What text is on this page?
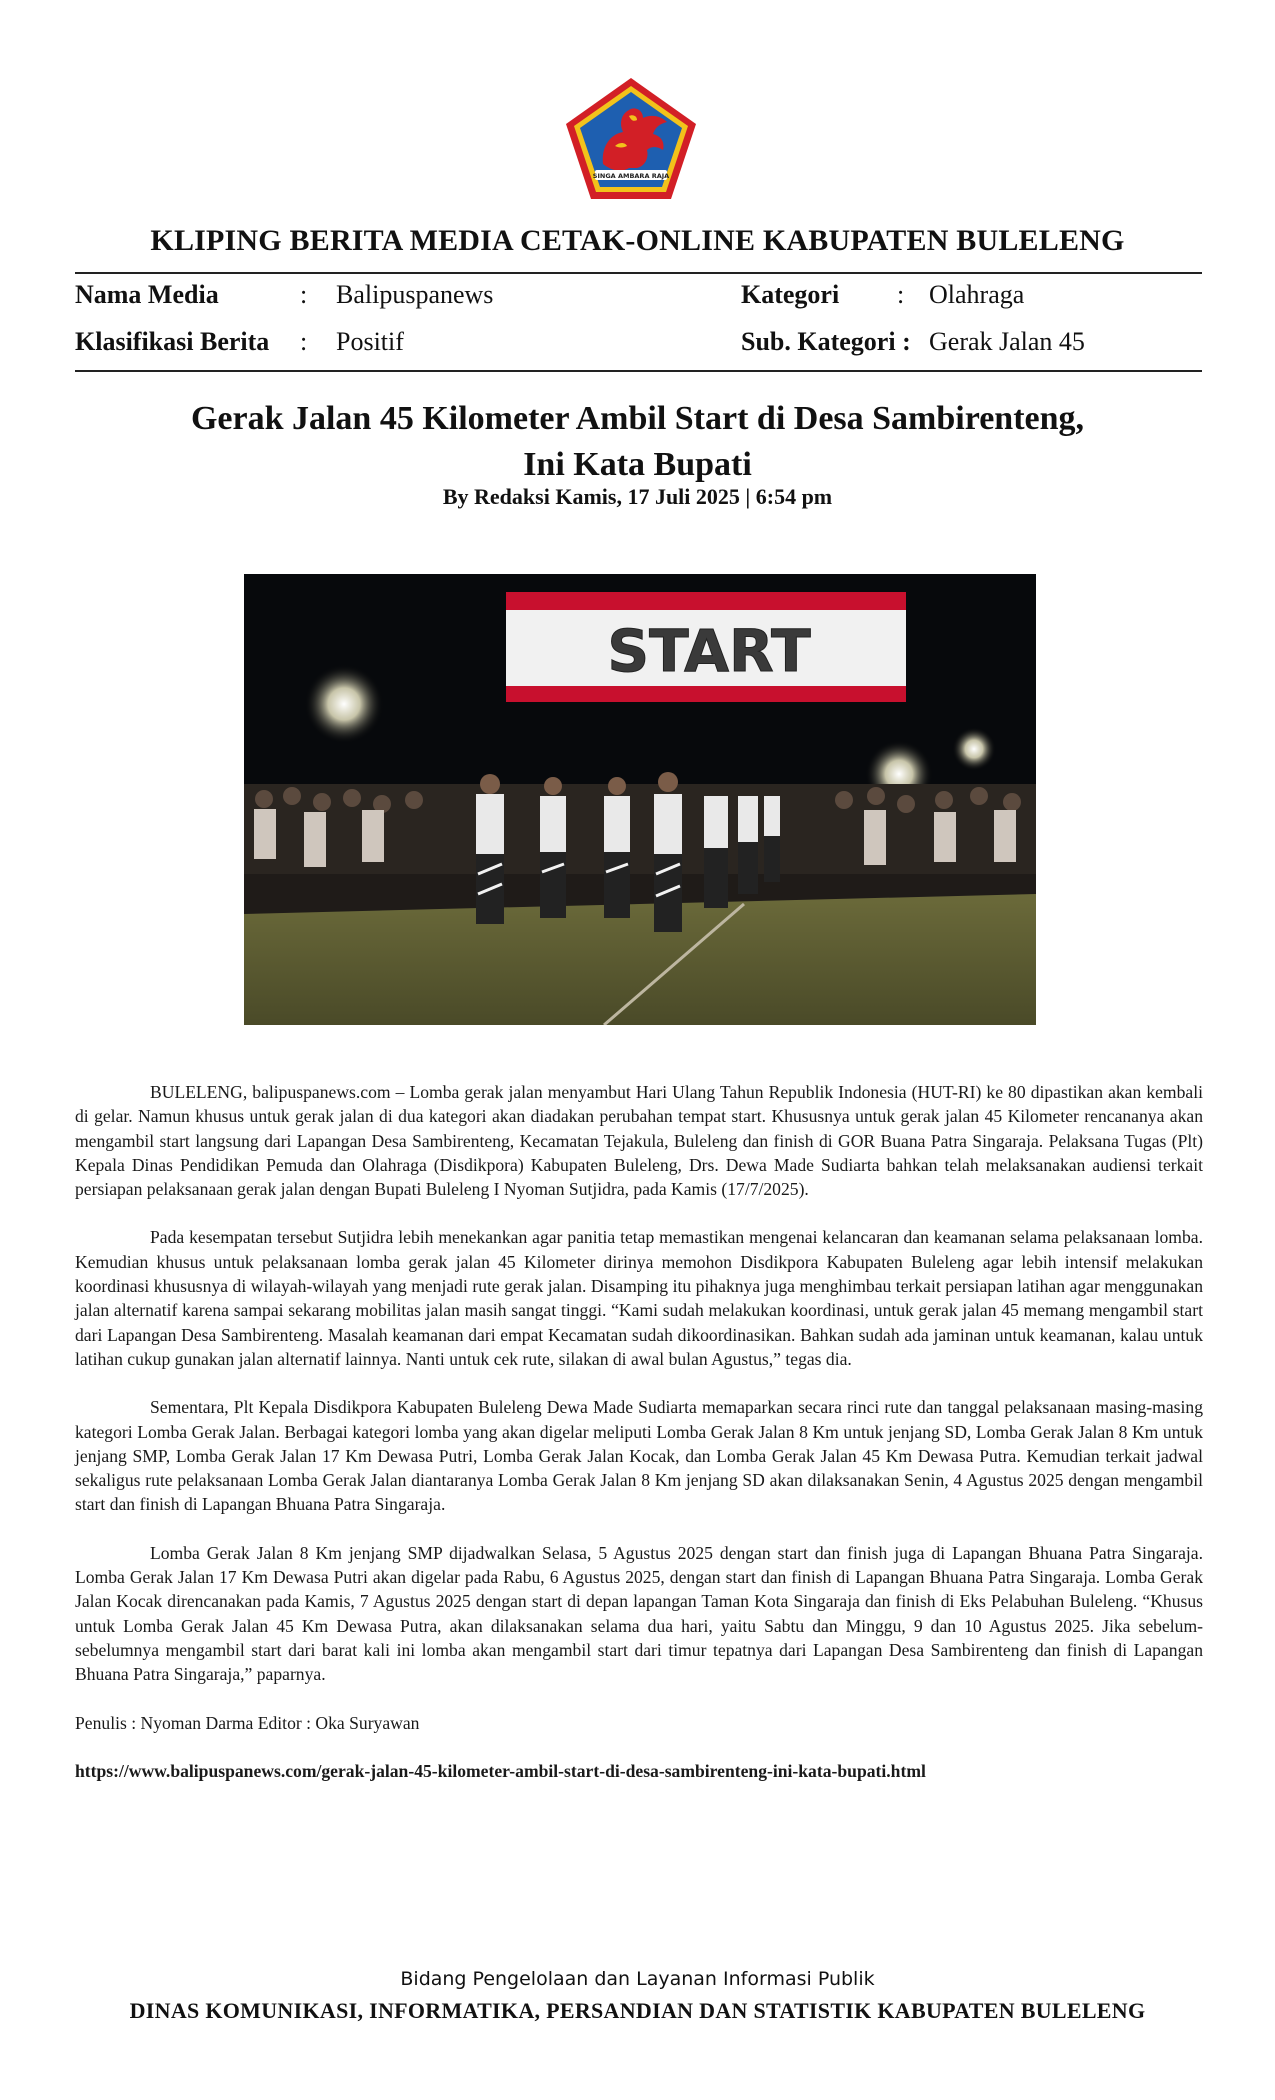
SINGA AMBARA RAJA
KLIPING BERITA MEDIA CETAK-ONLINE KABUPATEN BULELENG
Nama Media	: Balipuspanews
Klasifikasi Berita : Positif
Kategori : Olahraga
Sub. Kategori : Gerak Jalan 45
Gerak Jalan 45 Kilometer Ambil Start di Desa Sambirenteng,
Ini Kata Bupati
By Redaksi Kamis, 17 Juli 2025 | 6:54 pm
START

BULELENG, balipuspanews.com – Lomba gerak jalan menyambut Hari Ulang Tahun Republik Indonesia (HUT-RI) ke 80 dipastikan akan kembali di gelar. Namun khusus untuk gerak jalan di dua kategori akan diadakan perubahan tempat start. Khususnya untuk gerak jalan 45 Kilometer rencananya akan mengambil start langsung dari Lapangan Desa Sambirenteng, Kecamatan Tejakula, Buleleng dan finish di GOR Buana Patra Singaraja. Pelaksana Tugas (Plt) Kepala Dinas Pendidikan Pemuda dan Olahraga (Disdikpora) Kabupaten Buleleng, Drs. Dewa Made Sudiarta bahkan telah melaksanakan audiensi terkait persiapan pelaksanaan gerak jalan dengan Bupati Buleleng I Nyoman Sutjidra, pada Kamis (17/7/2025).

Pada kesempatan tersebut Sutjidra lebih menekankan agar panitia tetap memastikan mengenai kelancaran dan keamanan selama pelaksanaan lomba. Kemudian khusus untuk pelaksanaan lomba gerak jalan 45 Kilometer dirinya memohon Disdikpora Kabupaten Buleleng agar lebih intensif melakukan koordinasi khususnya di wilayah-wilayah yang menjadi rute gerak jalan. Disamping itu pihaknya juga menghimbau terkait persiapan latihan agar menggunakan jalan alternatif karena sampai sekarang mobilitas jalan masih sangat tinggi. “Kami sudah melakukan koordinasi, untuk gerak jalan 45 memang mengambil start dari Lapangan Desa Sambirenteng. Masalah keamanan dari empat Kecamatan sudah dikoordinasikan. Bahkan sudah ada jaminan untuk keamanan, kalau untuk latihan cukup gunakan jalan alternatif lainnya. Nanti untuk cek rute, silakan di awal bulan Agustus,” tegas dia.

Sementara, Plt Kepala Disdikpora Kabupaten Buleleng Dewa Made Sudiarta memaparkan secara rinci rute dan tanggal pelaksanaan masing-masing kategori Lomba Gerak Jalan. Berbagai kategori lomba yang akan digelar meliputi Lomba Gerak Jalan 8 Km untuk jenjang SD, Lomba Gerak Jalan 8 Km untuk jenjang SMP, Lomba Gerak Jalan 17 Km Dewasa Putri, Lomba Gerak Jalan Kocak, dan Lomba Gerak Jalan 45 Km Dewasa Putra. Kemudian terkait jadwal sekaligus rute pelaksanaan Lomba Gerak Jalan diantaranya Lomba Gerak Jalan 8 Km jenjang SD akan dilaksanakan Senin, 4 Agustus 2025 dengan mengambil start dan finish di Lapangan Bhuana Patra Singaraja.

Lomba Gerak Jalan 8 Km jenjang SMP dijadwalkan Selasa, 5 Agustus 2025 dengan start dan finish juga di Lapangan Bhuana Patra Singaraja. Lomba Gerak Jalan 17 Km Dewasa Putri akan digelar pada Rabu, 6 Agustus 2025, dengan start dan finish di Lapangan Bhuana Patra Singaraja. Lomba Gerak Jalan Kocak direncanakan pada Kamis, 7 Agustus 2025 dengan start di depan lapangan Taman Kota Singaraja dan finish di Eks Pelabuhan Buleleng. “Khusus untuk Lomba Gerak Jalan 45 Km Dewasa Putra, akan dilaksanakan selama dua hari, yaitu Sabtu dan Minggu, 9 dan 10 Agustus 2025. Jika sebelum-sebelumnya mengambil start dari barat kali ini lomba akan mengambil start dari timur tepatnya dari Lapangan Desa Sambirenteng dan finish di Lapangan Bhuana Patra Singaraja,” paparnya.

Penulis : Nyoman Darma Editor : Oka Suryawan

https://www.balipuspanews.com/gerak-jalan-45-kilometer-ambil-start-di-desa-sambirenteng-ini-kata-bupati.html

Bidang Pengelolaan dan Layanan Informasi Publik
DINAS KOMUNIKASI, INFORMATIKA, PERSANDIAN DAN STATISTIK KABUPATEN BULELENG
